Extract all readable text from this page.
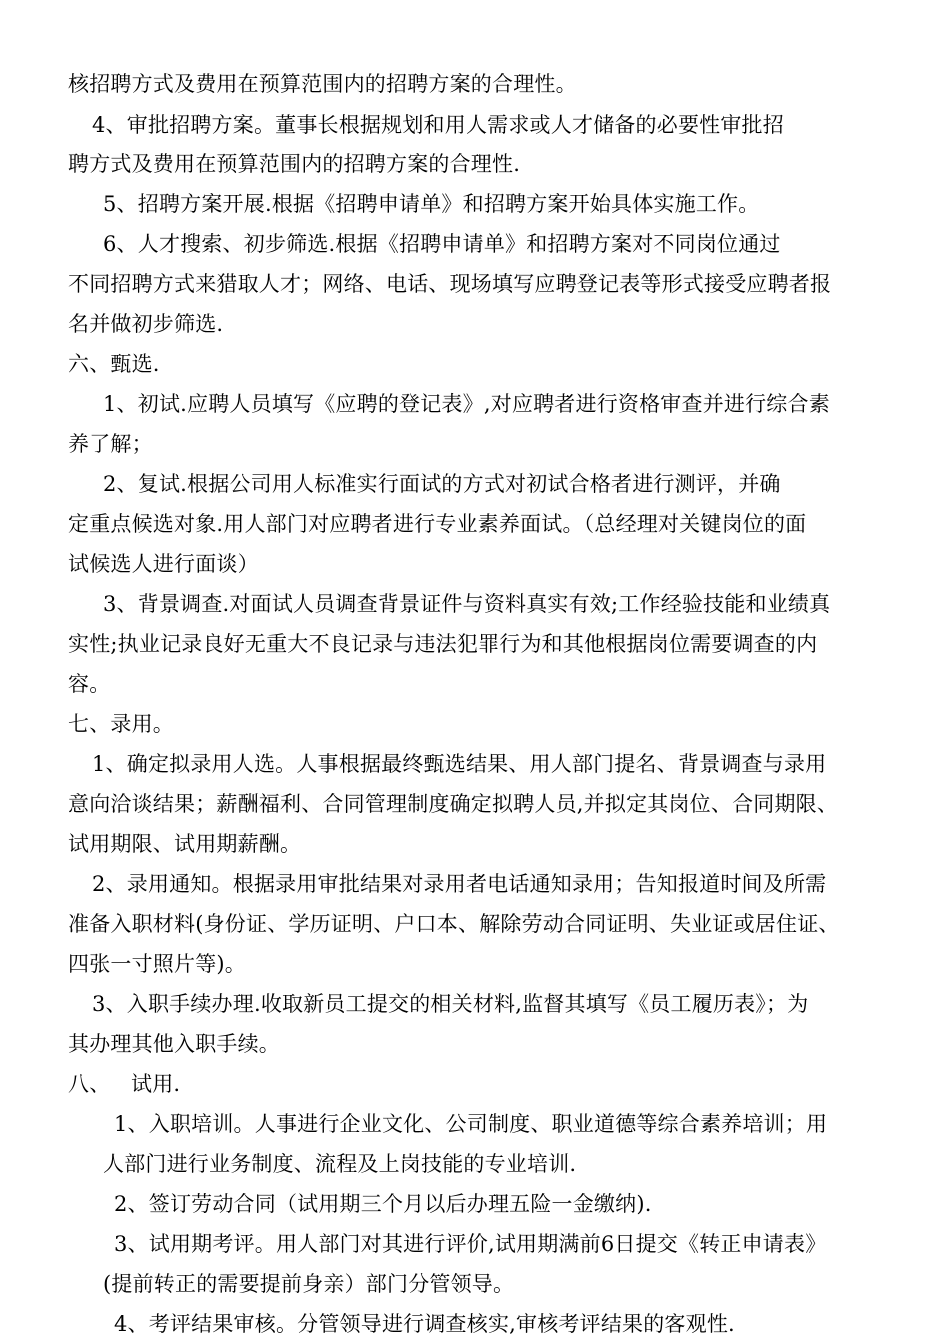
核招聘方式及费用在预算范围内的招聘方案的合理性。
4、审批招聘方案。董事长根据规划和用人需求或人才储备的必要性审批招
聘方式及费用在预算范围内的招聘方案的合理性.
5、招聘方案开展.根据《招聘申请单》和招聘方案开始具体实施工作。
6、人才搜索、初步筛选.根据《招聘申请单》和招聘方案对不同岗位通过
不同招聘方式来猎取人才；网络、电话、现场填写应聘登记表等形式接受应聘者报
名并做初步筛选.
六、甄选.
1、初试.应聘人员填写《应聘的登记表》,对应聘者进行资格审查并进行综合素
养了解；
2、复试.根据公司用人标准实行面试的方式对初试合格者进行测评，并确
定重点候选对象.用人部门对应聘者进行专业素养面试。（总经理对关键岗位的面
试候选人进行面谈）
3、背景调查.对面试人员调查背景证件与资料真实有效;工作经验技能和业绩真
实性;执业记录良好无重大不良记录与违法犯罪行为和其他根据岗位需要调查的内
容。
七、录用。
1、确定拟录用人选。人事根据最终甄选结果、用人部门提名、背景调查与录用
意向洽谈结果；薪酬福利、合同管理制度确定拟聘人员,并拟定其岗位、合同期限、
试用期限、试用期薪酬。
2、录用通知。根据录用审批结果对录用者电话通知录用；告知报道时间及所需
准备入职材料(身份证、学历证明、户口本、解除劳动合同证明、失业证或居住证、
四张一寸照片等)。
3、入职手续办理.收取新员工提交的相关材料,监督其填写《员工履历表》；为
其办理其他入职手续。
八、   试用.
1、入职培训。人事进行企业文化、公司制度、职业道德等综合素养培训；用
人部门进行业务制度、流程及上岗技能的专业培训.
2、签订劳动合同（试用期三个月以后办理五险一金缴纳).
3、试用期考评。用人部门对其进行评价,试用期满前6日提交《转正申请表》
(提前转正的需要提前身亲）部门分管领导。
4、考评结果审核。分管领导进行调查核实,审核考评结果的客观性.
